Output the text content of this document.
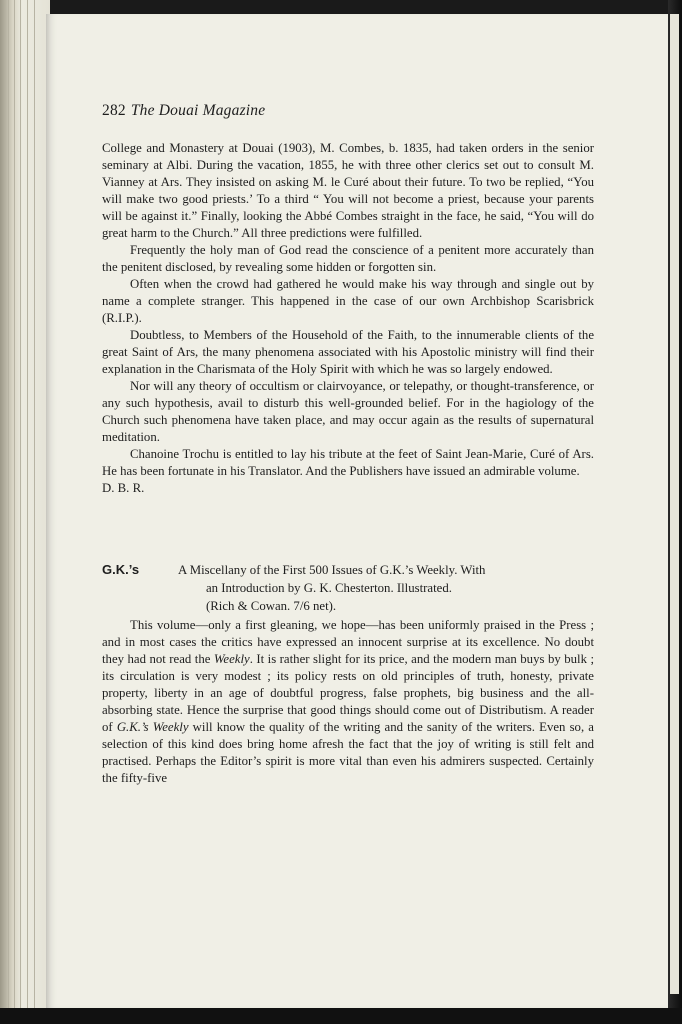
282 The Douai Magazine

College and Monastery at Douai (1903), M. Combes, b. 1835, had taken orders in the senior seminary at Albi. During the vacation, 1855, he with three other clerics set out to consult M. Vianney at Ars. They insisted on asking M. le Curé about their future. To two be replied, “You will make two good priests.’ To a third “ You will not become a priest, because your parents will be against it.” Finally, looking the Abbé Combes straight in the face, he said, “You will do great harm to the Church.” All three predictions were fulfilled.

Frequently the holy man of God read the conscience of a penitent more accurately than the penitent disclosed, by revealing some hidden or forgotten sin.

Often when the crowd had gathered he would make his way through and single out by name a complete stranger. This happened in the case of our own Archbishop Scarisbrick (R.I.P.).

Doubtless, to Members of the Household of the Faith, to the innumerable clients of the great Saint of Ars, the many phenomena associated with his Apostolic ministry will find their explanation in the Charismata of the Holy Spirit with which he was so largely endowed.

Nor will any theory of occultism or clairvoyance, or telepathy, or thought-transference, or any such hypothesis, avail to disturb this well-grounded belief. For in the hagiology of the Church such phenomena have taken place, and may occur again as the results of supernatural meditation.

Chanoine Trochu is entitled to lay his tribute at the feet of Saint Jean-Marie, Curé of Ars. He has been fortunate in his Translator. And the Publishers have issued an admirable volume.

D. B. R.

G.K.’s	A Miscellany of the First 500 Issues of G.K.’s Weekly. With
an Introduction by G. K. Chesterton. Illustrated.
(Rich & Cowan. 7/6 net).

This volume—only a first gleaning, we hope—has been uniformly praised in the Press ; and in most cases the critics have expressed an innocent surprise at its excellence. No doubt they had not read the Weekly. It is rather slight for its price, and the modern man buys by bulk ; its circulation is very modest ; its policy rests on old principles of truth, honesty, private property, liberty in an age of doubtful progress, false prophets, big business and the all-absorbing state. Hence the surprise that good things should come out of Distributism. A reader of G.K.’s Weekly will know the quality of the writing and the sanity of the writers. Even so, a selection of this kind does bring home afresh the fact that the joy of writing is still felt and practised. Perhaps the Editor’s spirit is more vital than even his admirers suspected. Certainly the fifty-five
